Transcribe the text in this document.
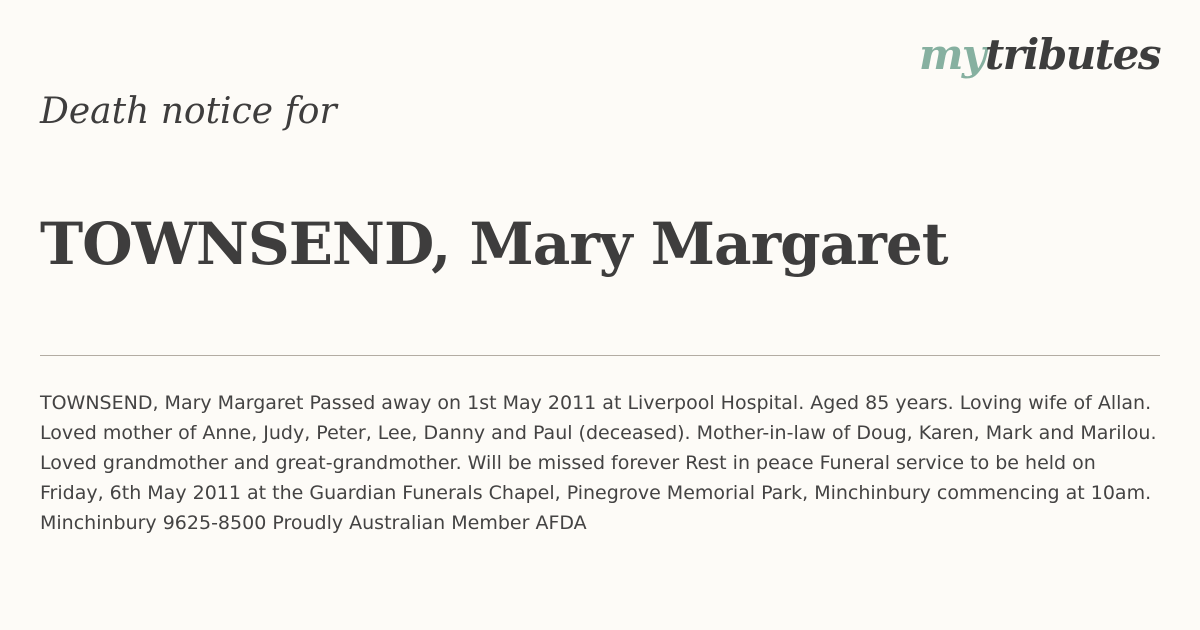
mytributes
Death notice for
TOWNSEND, Mary Margaret

TOWNSEND, Mary Margaret Passed away on 1st May 2011 at Liverpool Hospital. Aged 85 years. Loving wife of Allan. Loved mother of Anne, Judy, Peter, Lee, Danny and Paul (deceased). Mother-in-law of Doug, Karen, Mark and Marilou. Loved grandmother and great-grandmother. Will be missed forever Rest in peace Funeral service to be held on Friday, 6th May 2011 at the Guardian Funerals Chapel, Pinegrove Memorial Park, Minchinbury commencing at 10am. Minchinbury 9625-8500 Proudly Australian Member AFDA
